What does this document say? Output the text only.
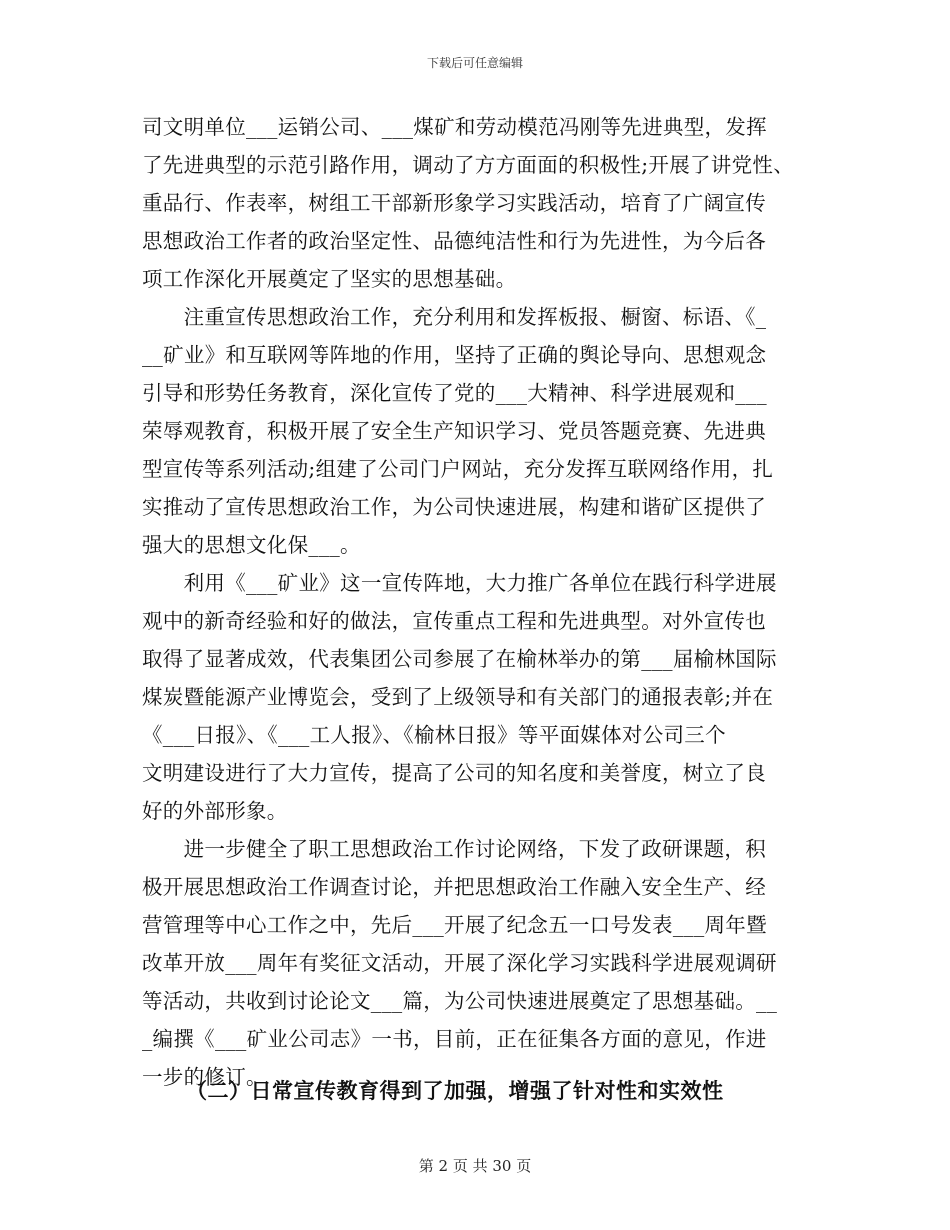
下载后可任意编辑
司文明单位___运销公司、___煤矿和劳动模范冯刚等先进典型，发挥
了先进典型的示范引路作用，调动了方方面面的积极性;开展了讲党性、
重品行、作表率，树组工干部新形象学习实践活动，培育了广阔宣传
思想政治工作者的政治坚定性、品德纯洁性和行为先进性，为今后各
项工作深化开展奠定了坚实的思想基础。
　　注重宣传思想政治工作，充分利用和发挥板报、橱窗、标语、《_
__矿业》和互联网等阵地的作用，坚持了正确的舆论导向、思想观念
引导和形势任务教育，深化宣传了党的___大精神、科学进展观和___
荣辱观教育，积极开展了安全生产知识学习、党员答题竞赛、先进典
型宣传等系列活动;组建了公司门户网站，充分发挥互联网络作用，扎
实推动了宣传思想政治工作，为公司快速进展，构建和谐矿区提供了
强大的思想文化保___。
　　利用《___矿业》这一宣传阵地，大力推广各单位在践行科学进展
观中的新奇经验和好的做法，宣传重点工程和先进典型。对外宣传也
取得了显著成效，代表集团公司参展了在榆林举办的第___届榆林国际
煤炭暨能源产业博览会，受到了上级领导和有关部门的通报表彰;并在
《___日报》、《___工人报》、《榆林日报》等平面媒体对公司三个
文明建设进行了大力宣传，提高了公司的知名度和美誉度，树立了良
好的外部形象。
　　进一步健全了职工思想政治工作讨论网络，下发了政研课题，积
极开展思想政治工作调查讨论，并把思想政治工作融入安全生产、经
营管理等中心工作之中，先后___开展了纪念五一口号发表___周年暨
改革开放___周年有奖征文活动，开展了深化学习实践科学进展观调研
等活动，共收到讨论论文___篇，为公司快速进展奠定了思想基础。__
_编撰《___矿业公司志》一书，目前，正在征集各方面的意见，作进
一步的修订。
（二）日常宣传教育得到了加强，增强了针对性和实效性
第 2 页 共 30 页
